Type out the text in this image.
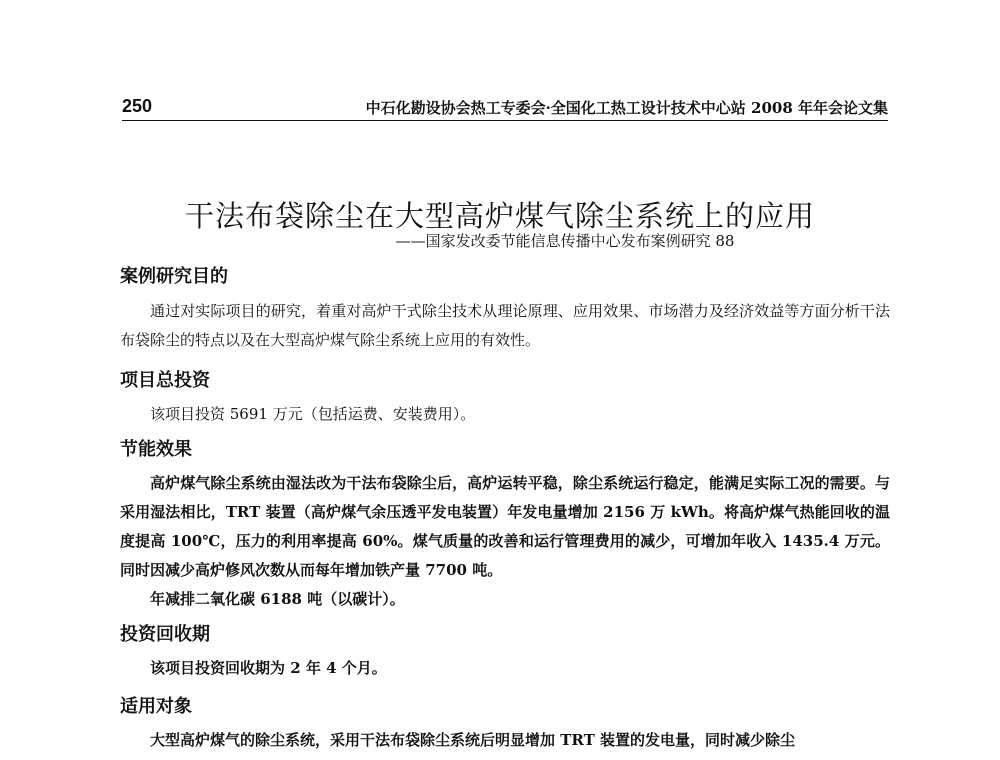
250	中石化勘设协会热工专委会·全国化工热工设计技术中心站 2008 年年会论文集
干法布袋除尘在大型高炉煤气除尘系统上的应用
——国家发改委节能信息传播中心发布案例研究 88
案例研究目的

通过对实际项目的研究，着重对高炉干式除尘技术从理论原理、应用效果、市场潜力及经济效益等方面分析干法布袋除尘的特点以及在大型高炉煤气除尘系统上应用的有效性。

项目总投资

该项目投资 5691 万元（包括运费、安装费用）。

节能效果

高炉煤气除尘系统由湿法改为干法布袋除尘后，高炉运转平稳，除尘系统运行稳定，能满足实际工况的需要。与采用湿法相比，TRT 装置（高炉煤气余压透平发电装置）年发电量增加 2156 万 kWh。将高炉煤气热能回收的温度提高 100℃，压力的利用率提高 60%。煤气质量的改善和运行管理费用的减少，可增加年收入 1435.4 万元。同时因减少高炉修风次数从而每年增加铁产量 7700 吨。

年减排二氧化碳 6188 吨（以碳计）。

投资回收期

该项目投资回收期为 2 年 4 个月。

适用对象

大型高炉煤气的除尘系统，采用干法布袋除尘系统后明显增加 TRT 装置的发电量，同时减少除尘
